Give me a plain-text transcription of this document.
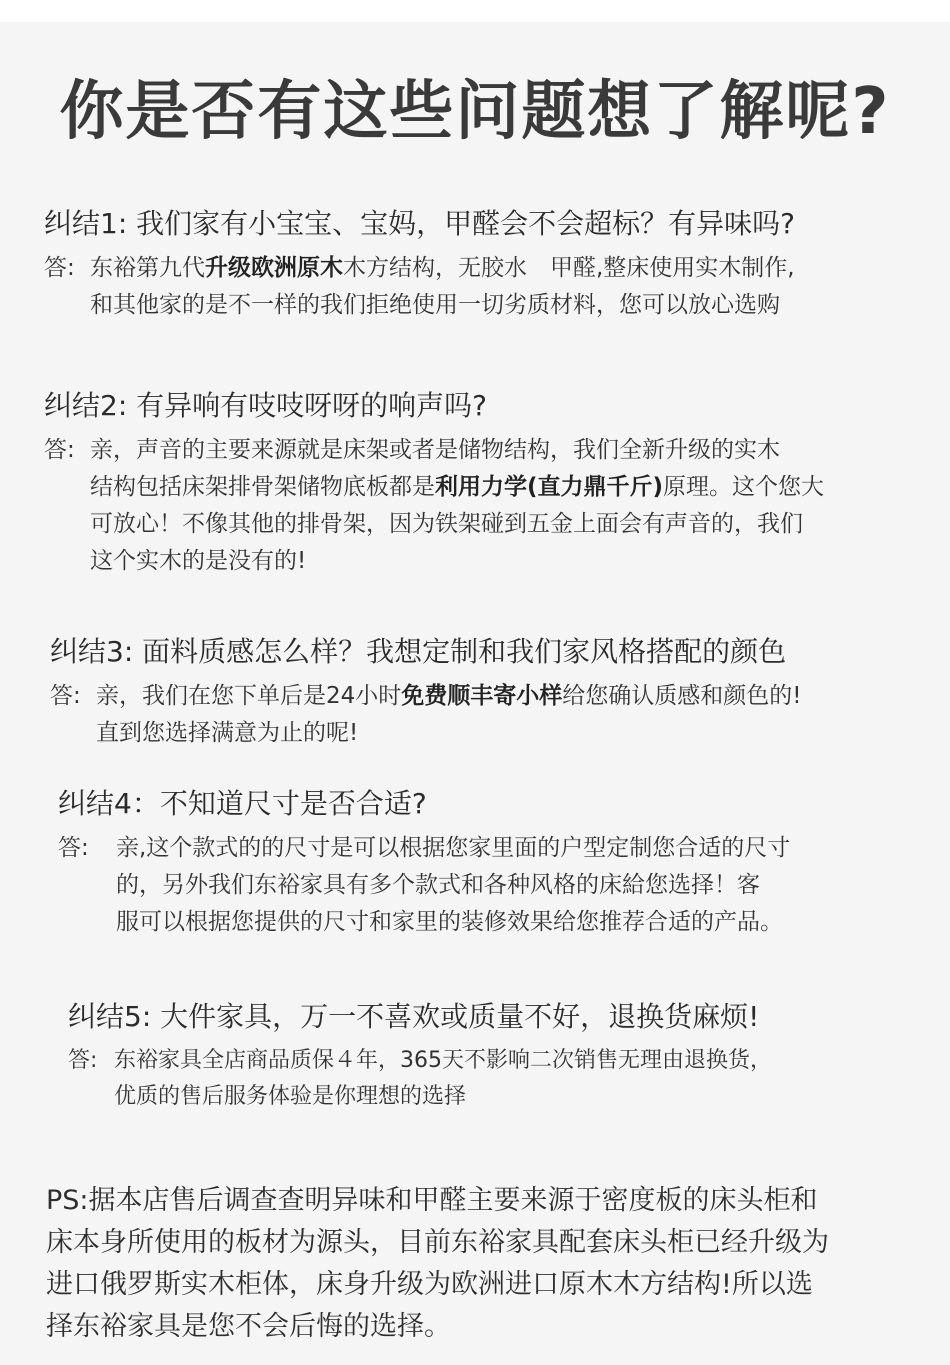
你是否有这些问题想了解呢?

纠结1: 我们家有小宝宝、宝妈，甲醛会不会超标？有异味吗?

答: 东裕第九代升级欧洲原木木方结构，无胶水　甲醛,整床使用实木制作,
和其他家的是不一样的我们拒绝使用一切劣质材料，您可以放心选购

纠结2: 有异响有吱吱呀呀的响声吗?

答: 亲，声音的主要来源就是床架或者是储物结构，我们全新升级的实木
结构包括床架排骨架储物底板都是利用力学(直力鼎千斤)原理。这个您大
可放心！不像其他的排骨架，因为铁架碰到五金上面会有声音的，我们
这个实木的是没有的!

纠结3: 面料质感怎么样？我想定制和我们家风格搭配的颜色

答: 亲，我们在您下单后是24小时免费顺丰寄小样给您确认质感和颜色的!
直到您选择满意为止的呢!

纠结4：不知道尺寸是否合适?

答: 亲,这个款式的的尺寸是可以根据您家里面的户型定制您合适的尺寸
的，另外我们东裕家具有多个款式和各种风格的床給您选择！客
服可以根据您提供的尺寸和家里的装修效果给您推荐合适的产品。

纠结5: 大件家具，万一不喜欢或质量不好，退换货麻烦!

答: 东裕家具全店商品质保４年，365天不影响二次销售无理由退换货，
优质的售后服务体验是你理想的选择
PS:据本店售后调查查明异味和甲醛主要来源于密度板的床头柜和
床本身所使用的板材为源头，目前东裕家具配套床头柜已经升级为
进口俄罗斯实木柜体，床身升级为欧洲进口原木木方结构!所以选
择东裕家具是您不会后悔的选择。
